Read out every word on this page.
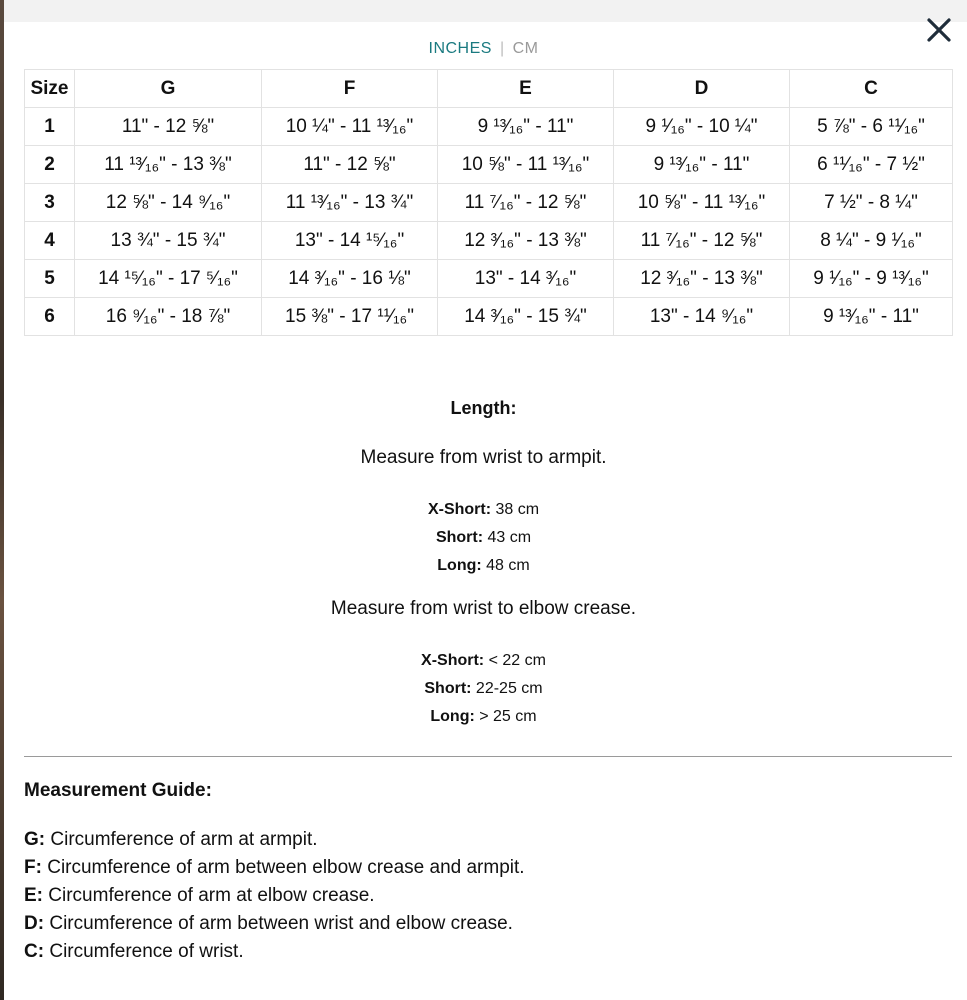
INCHES | CM
Size	G	F	E	D	C
1	11" - 12 ⅝"	10 ¼" - 11 ¹³⁄₁₆"	9 ¹³⁄₁₆" - 11"	9 ¹⁄₁₆" - 10 ¼"	5 ⅞" - 6 ¹¹⁄₁₆"
2	11 ¹³⁄₁₆" - 13 ⅜"	11" - 12 ⅝"	10 ⅝" - 11 ¹³⁄₁₆"	9 ¹³⁄₁₆" - 11"	6 ¹¹⁄₁₆" - 7 ½"
3	12 ⅝" - 14 ⁹⁄₁₆"	11 ¹³⁄₁₆" - 13 ¾"	11 ⁷⁄₁₆" - 12 ⅝"	10 ⅝" - 11 ¹³⁄₁₆"	7 ½" - 8 ¼"
4	13 ¾" - 15 ¾"	13" - 14 ¹⁵⁄₁₆"	12 ³⁄₁₆" - 13 ⅜"	11 ⁷⁄₁₆" - 12 ⅝"	8 ¼" - 9 ¹⁄₁₆"
5	14 ¹⁵⁄₁₆" - 17 ⁵⁄₁₆"	14 ³⁄₁₆" - 16 ⅛"	13" - 14 ³⁄₁₆"	12 ³⁄₁₆" - 13 ⅜"	9 ¹⁄₁₆" - 9 ¹³⁄₁₆"
6	16 ⁹⁄₁₆" - 18 ⅞"	15 ⅜" - 17 ¹¹⁄₁₆"	14 ³⁄₁₆" - 15 ¾"	13" - 14 ⁹⁄₁₆"	9 ¹³⁄₁₆" - 11"
Length:
Measure from wrist to armpit.
X-Short: 38 cm
Short: 43 cm
Long: 48 cm
Measure from wrist to elbow crease.
X-Short: < 22 cm
Short: 22-25 cm
Long: > 25 cm
Measurement Guide:
G: Circumference of arm at armpit.
F: Circumference of arm between elbow crease and armpit.
E: Circumference of arm at elbow crease.
D: Circumference of arm between wrist and elbow crease.
C: Circumference of wrist.
